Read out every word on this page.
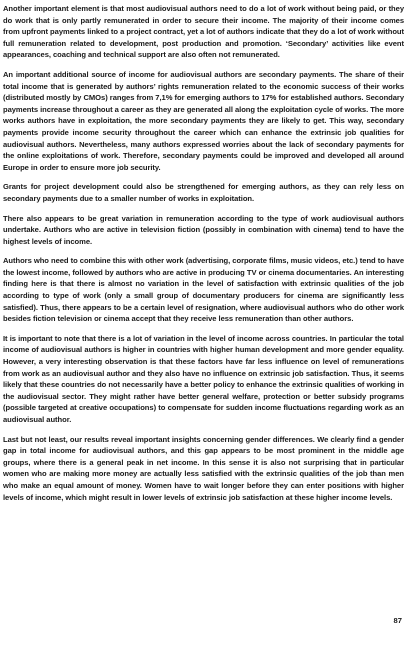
Another important element is that most audiovisual authors need to do a lot of work without being paid, or they do work that is only partly remunerated in order to secure their income. The majority of their income comes from upfront payments linked to a project contract, yet a lot of authors indicate that they do a lot of work without full remuneration related to development, post production and promotion. ‘Secondary’ activities like event appearances, coaching and technical support are also often not remunerated.

An important additional source of income for audiovisual authors are secondary payments. The share of their total income that is generated by authors’ rights remuneration related to the economic success of their works (distributed mostly by CMOs) ranges from 7,1% for emerging authors to 17% for established authors. Secondary payments increase throughout a career as they are generated all along the exploitation cycle of works. The more works authors have in exploitation, the more secondary payments they are likely to get. This way, secondary payments provide income security throughout the career which can enhance the extrinsic job qualities for audiovisual authors. Nevertheless, many authors expressed worries about the lack of secondary payments for the online exploitations of work. Therefore, secondary payments could be improved and developed all around Europe in order to ensure more job security.

Grants for project development could also be strengthened for emerging authors, as they can rely less on secondary payments due to a smaller number of works in exploitation.

There also appears to be great variation in remuneration according to the type of work audiovisual authors undertake. Authors who are active in television fiction (possibly in combination with cinema) tend to have the highest levels of income.

Authors who need to combine this with other work (advertising, corporate films, music videos, etc.) tend to have the lowest income, followed by authors who are active in producing TV or cinema documentaries. An interesting finding here is that there is almost no variation in the level of satisfaction with extrinsic qualities of the job according to type of work (only a small group of documentary producers for cinema are significantly less satisfied). Thus, there appears to be a certain level of resignation, where audiovisual authors who do other work besides fiction television or cinema accept that they receive less remuneration than other authors.

It is important to note that there is a lot of variation in the level of income across countries. In particular the total income of audiovisual authors is higher in countries with higher human development and more gender equality. However, a very interesting observation is that these factors have far less influence on level of remunerations from work as an audiovisual author and they also have no influence on extrinsic job satisfaction. Thus, it seems likely that these countries do not necessarily have a better policy to enhance the extrinsic qualities of working in the audiovisual sector. They might rather have better general welfare, protection or better subsidy programs (possible targeted at creative occupations) to compensate for sudden income fluctuations regarding work as an audiovisual author.

Last but not least, our results reveal important insights concerning gender differences. We clearly find a gender gap in total income for audiovisual authors, and this gap appears to be most prominent in the middle age groups, where there is a general peak in net income. In this sense it is also not surprising that in particular women who are making more money are actually less satisfied with the extrinsic qualities of the job than men who make an equal amount of money. Women have to wait longer before they can enter positions with higher levels of income, which might result in lower levels of extrinsic job satisfaction at these higher income levels.

87
